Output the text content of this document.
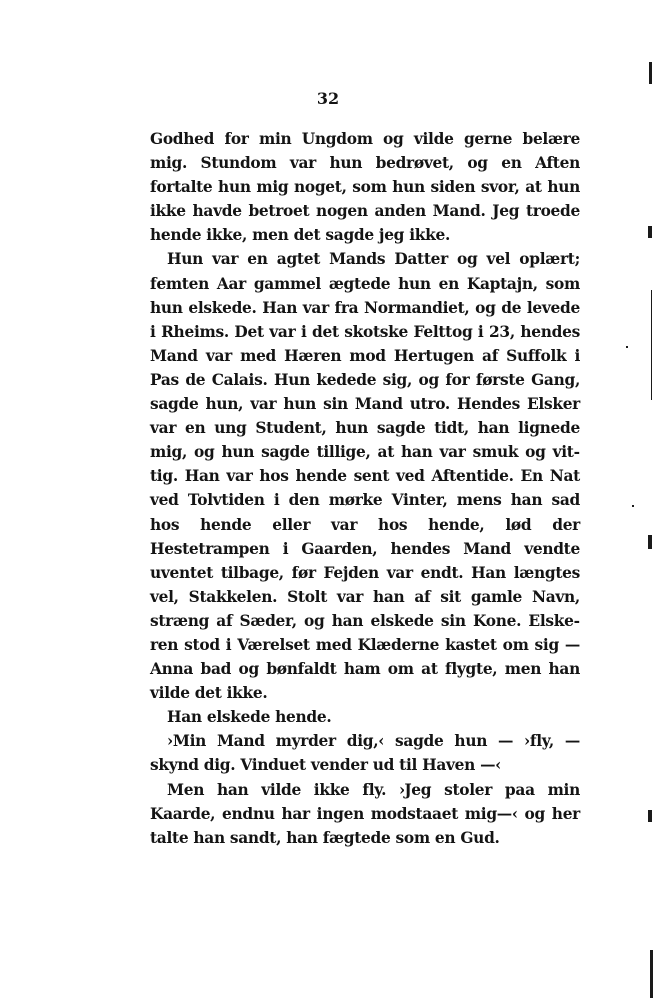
32

Godhed for min Ungdom og vilde gerne belære mig. Stundom var hun bedrøvet, og en Aften fortalte hun mig noget, som hun siden svor, at hun ikke havde betroet nogen anden Mand. Jeg troede hende ikke, men det sagde jeg ikke.

Hun var en agtet Mands Datter og vel oplært; femten Aar gammel ægtede hun en Kaptajn, som hun elskede. Han var fra Normandiet, og de levede i Rheims. Det var i det skotske Felttog i 23, hendes Mand var med Hæren mod Hertugen af Suffolk i Pas de Calais. Hun kedede sig, og for første Gang, sagde hun, var hun sin Mand utro. Hendes Elsker var en ung Student, hun sagde tidt, han lignede mig, og hun sagde tillige, at han var smuk og vittig. Han var hos hende sent ved Aftentide. En Nat ved Tolvtiden i den mørke Vinter, mens han sad hos hende eller var hos hende, lød der Hestetrampen i Gaarden, hendes Mand vendte uventet tilbage, før Fejden var endt. Han længtes vel, Stakkelen. Stolt var han af sit gamle Navn, stræng af Sæder, og han elskede sin Kone. Elskeren stod i Værelset med Klæderne kastet om sig — Anna bad og bønfaldt ham om at flygte, men han vilde det ikke.

Han elskede hende.

›Min Mand myrder dig,‹ sagde hun — ›fly, — skynd dig. Vinduet vender ud til Haven —‹

Men han vilde ikke fly. ›Jeg stoler paa min Kaarde, endnu har ingen modstaaet mig—‹ og her talte han sandt, han fægtede som en Gud.
